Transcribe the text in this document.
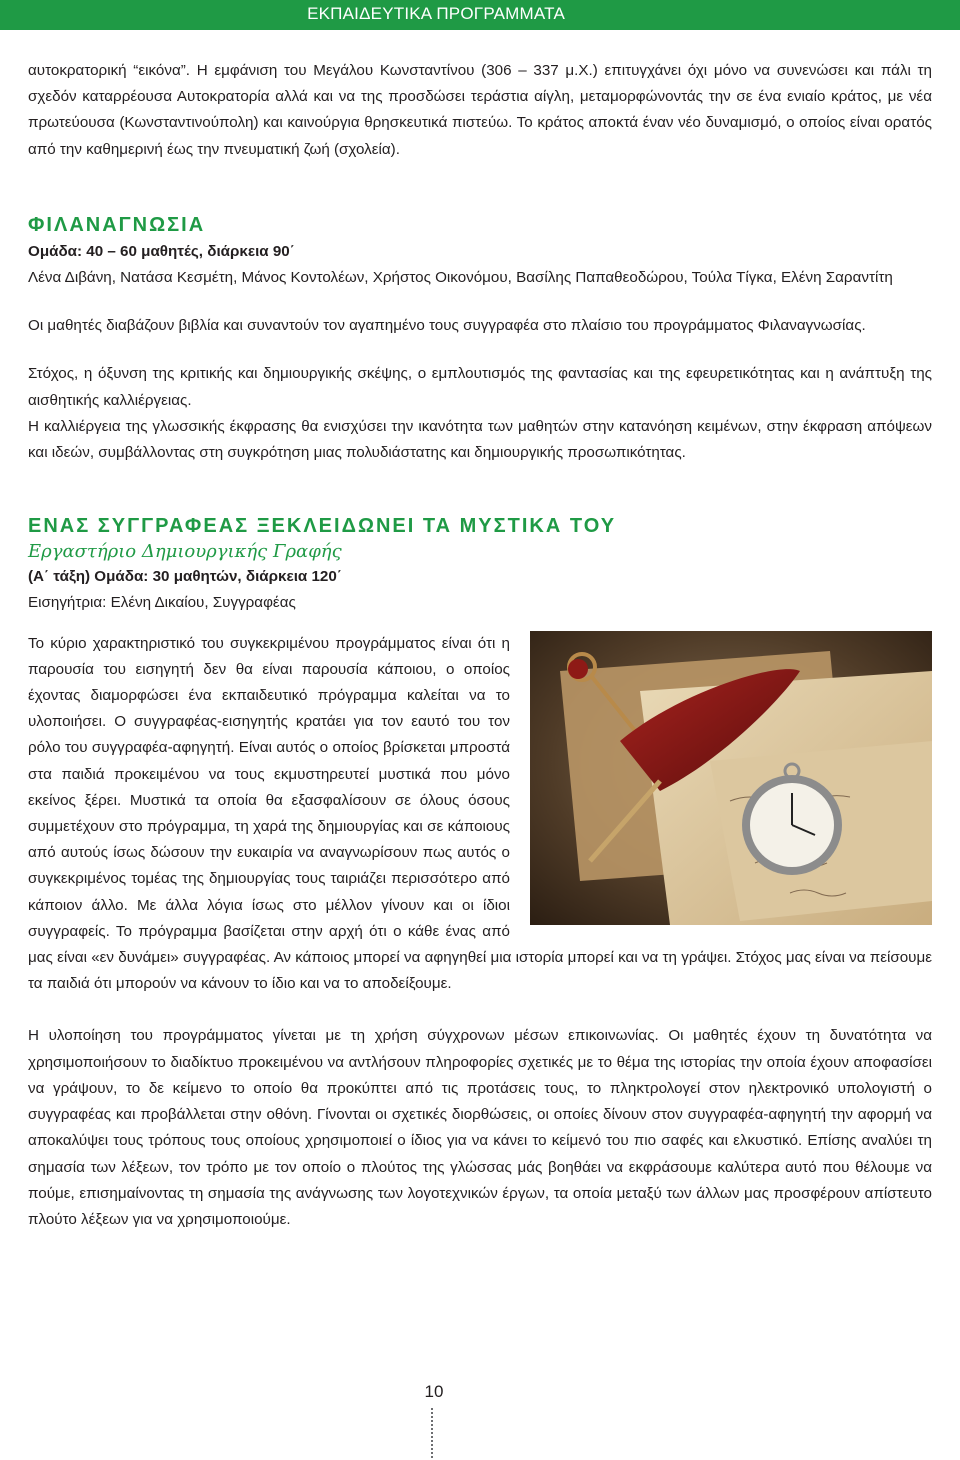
ΕΚΠΑΙΔΕΥΤΙΚΑ ΠΡΟΓΡΑΜΜΑΤΑ

αυτοκρατορική “εικόνα”. Η εμφάνιση του Μεγάλου Κωνσταντίνου (306 – 337 μ.Χ.) επιτυγχάνει όχι μόνο να συνενώσει και πάλι τη σχεδόν καταρρέουσα Αυτοκρατορία αλλά και να της προσδώσει τεράστια αίγλη, μεταμορφώνοντάς την σε ένα ενιαίο κράτος, με νέα πρωτεύουσα (Κωνσταντινούπολη) και καινούργια θρησκευτικά πιστεύω. Το κράτος αποκτά έναν νέο δυναμισμό, ο οποίος είναι ορατός από την καθημερινή έως την πνευματική ζωή (σχολεία).

ΦΙΛΑΝΑΓΝΩΣΙΑ

Ομάδα: 40 – 60 μαθητές, διάρκεια 90΄

Λένα Διβάνη, Νατάσα Κεσμέτη, Μάνος Κοντολέων, Χρήστος Οικονόμου, Βασίλης Παπαθεοδώρου, Τούλα Τίγκα, Ελένη Σαραντίτη

Οι μαθητές διαβάζουν βιβλία και συναντούν τον αγαπημένο τους συγγραφέα στο πλαίσιο του προγράμματος Φιλαναγνωσίας.

Στόχος, η όξυνση της κριτικής και δημιουργικής σκέψης, ο εμπλουτισμός της φαντασίας και της εφευρετικότητας και η ανάπτυξη της αισθητικής καλλιέργειας.

Η καλλιέργεια της γλωσσικής έκφρασης θα ενισχύσει την ικανότητα των μαθητών στην κατανόηση κειμένων, στην έκφραση απόψεων και ιδεών, συμβάλλοντας στη συγκρότηση μιας πολυδιάστατης και δημιουργικής προσωπικότητας.

ΕΝΑΣ ΣΥΓΓΡΑΦΕΑΣ ΞΕΚΛΕΙΔΩΝΕΙ ΤΑ ΜΥΣΤΙΚΑ ΤΟΥ

Εργαστήριο Δημιουργικής Γραφής

(Α΄ τάξη) Ομάδα: 30 μαθητών, διάρκεια 120΄

Εισηγήτρια: Ελένη Δικαίου, Συγγραφέας

Το κύριο χαρακτηριστικό του συγκεκριμένου προγράμματος είναι ότι η παρουσία του εισηγητή δεν θα είναι παρουσία κάποιου, ο οποίος έχοντας διαμορφώσει ένα εκπαιδευτικό πρόγραμμα καλείται να το υλοποιήσει. Ο συγγραφέας-εισηγητής κρατάει για τον εαυτό του τον ρόλο του συγγραφέα-αφηγητή. Είναι αυτός ο οποίος βρίσκεται μπροστά στα παιδιά προκειμένου να τους εκμυστηρευτεί μυστικά που μόνο εκείνος ξέρει. Μυστικά τα οποία θα εξασφαλίσουν σε όλους όσους συμμετέχουν στο πρόγραμμα, τη χαρά της δημιουργίας και σε κάποιους από αυτούς ίσως δώσουν την ευκαιρία να αναγνωρίσουν πως αυτός ο συγκεκριμένος τομέας της δημιουργίας τους ταιριάζει περισσότερο από κάποιον άλλο. Με άλλα λόγια ίσως στο μέλλον γίνουν και οι ίδιοι συγγραφείς. Το πρόγραμμα βασίζεται στην αρχή ότι ο κάθε ένας από μας είναι «εν δυνάμει» συγγραφέας. Αν κάποιος μπορεί να αφηγηθεί μια ιστορία μπορεί και να τη γράψει. Στόχος μας είναι να πείσουμε τα παιδιά ότι μπορούν να κάνουν το ίδιο και να το αποδείξουμε.

Η υλοποίηση του προγράμματος γίνεται με τη χρήση σύγχρονων μέσων επικοινωνίας. Οι μαθητές έχουν τη δυνατότητα να χρησιμοποιήσουν το διαδίκτυο προκειμένου να αντλήσουν πληροφορίες σχετικές με το θέμα της ιστορίας την οποία έχουν αποφασίσει να γράψουν, το δε κείμενο το οποίο θα προκύπτει από τις προτάσεις τους, το πληκτρολογεί στον ηλεκτρονικό υπολογιστή ο συγγραφέας και προβάλλεται στην οθόνη. Γίνονται οι σχετικές διορθώσεις, οι οποίες δίνουν στον συγγραφέα-αφηγητή την αφορμή να αποκαλύψει τους τρόπους τους οποίους χρησιμοποιεί ο ίδιος για να κάνει το κείμενό του πιο σαφές και ελκυστικό. Επίσης αναλύει τη σημασία των λέξεων, τον τρόπο με τον οποίο ο πλούτος της γλώσσας μάς βοηθάει να εκφράσουμε καλύτερα αυτό που θέλουμε να πούμε, επισημαίνοντας τη σημασία της ανάγνωσης των λογοτεχνικών έργων, τα οποία μεταξύ των άλλων μας προσφέρουν απίστευτο πλούτο λέξεων για να χρησιμοποιούμε.

10
